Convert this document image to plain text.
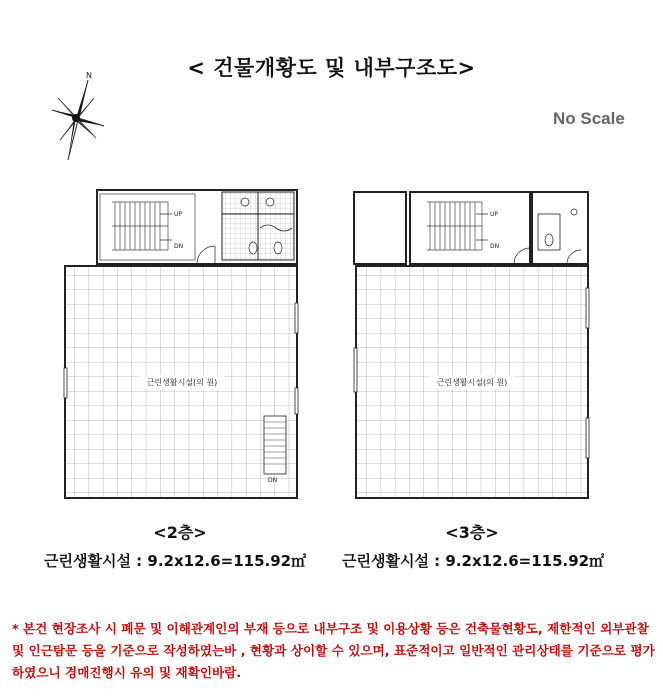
< 건물개황도 및 내부구조도>
No Scale
N
UP
DN
DN
근린생활시설(의 원)
UP
DN
근린생활시설(의 원)
<2층>	<3층>
근린생활시설 : 9.2x12.6=115.92㎡ 근린생활시설 : 9.2x12.6=115.92㎡
* 본건 현장조사 시 폐문 및 이해관계인의 부재 등으로 내부구조 및 이용상황 등은 건축물현황도, 제한적인 외부관찰 및 인근탐문 등을 기준으로 작성하였는바 , 현황과 상이할 수 있으며, 표준적이고 일반적인 관리상태를 기준으로 평가하였으니 경매진행시 유의 및 재확인바람.
